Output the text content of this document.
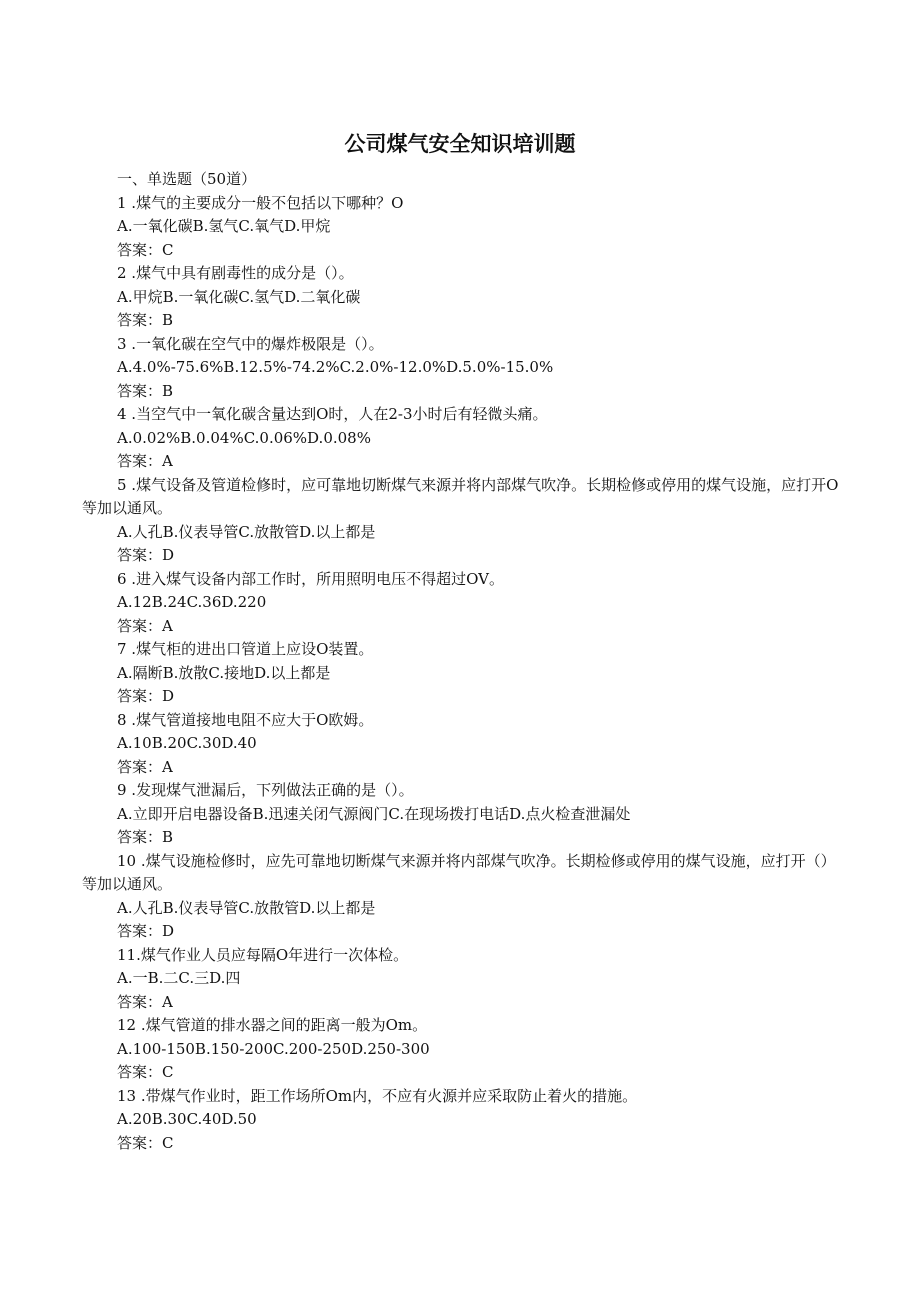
公司煤气安全知识培训题
一、单选题（50道）
1 .煤气的主要成分一般不包括以下哪种？O
A.一氧化碳B.氢气C.氧气D.甲烷
答案：C
2 .煤气中具有剧毒性的成分是（）。
A.甲烷B.一氧化碳C.氢气D.二氧化碳
答案：B
3 .一氧化碳在空气中的爆炸极限是（）。
A.4.0%-75.6%B.12.5%-74.2%C.2.0%-12.0%D.5.0%-15.0%
答案：B
4 .当空气中一氧化碳含量达到O时，人在2-3小时后有轻微头痛。
A.0.02%B.0.04%C.0.06%D.0.08%
答案：A
5 .煤气设备及管道检修时，应可靠地切断煤气来源并将内部煤气吹净。长期检修或停用的煤气设施，应打开O等加以通风。
A.人孔B.仪表导管C.放散管D.以上都是
答案：D
6 .进入煤气设备内部工作时，所用照明电压不得超过OV。
A.12B.24C.36D.220
答案：A
7 .煤气柜的进出口管道上应设O装置。
A.隔断B.放散C.接地D.以上都是
答案：D
8 .煤气管道接地电阻不应大于O欧姆。
A.10B.20C.30D.40
答案：A
9 .发现煤气泄漏后，下列做法正确的是（）。
A.立即开启电器设备B.迅速关闭气源阀门C.在现场拨打电话D.点火检查泄漏处
答案：B
10 .煤气设施检修时，应先可靠地切断煤气来源并将内部煤气吹净。长期检修或停用的煤气设施，应打开（）等加以通风。
A.人孔B.仪表导管C.放散管D.以上都是
答案：D
11.煤气作业人员应每隔O年进行一次体检。
A.一B.二C.三D.四
答案：A
12 .煤气管道的排水器之间的距离一般为Om。
A.100-150B.150-200C.200-250D.250-300
答案：C
13 .带煤气作业时，距工作场所Om内，不应有火源并应采取防止着火的措施。
A.20B.30C.40D.50
答案：C
